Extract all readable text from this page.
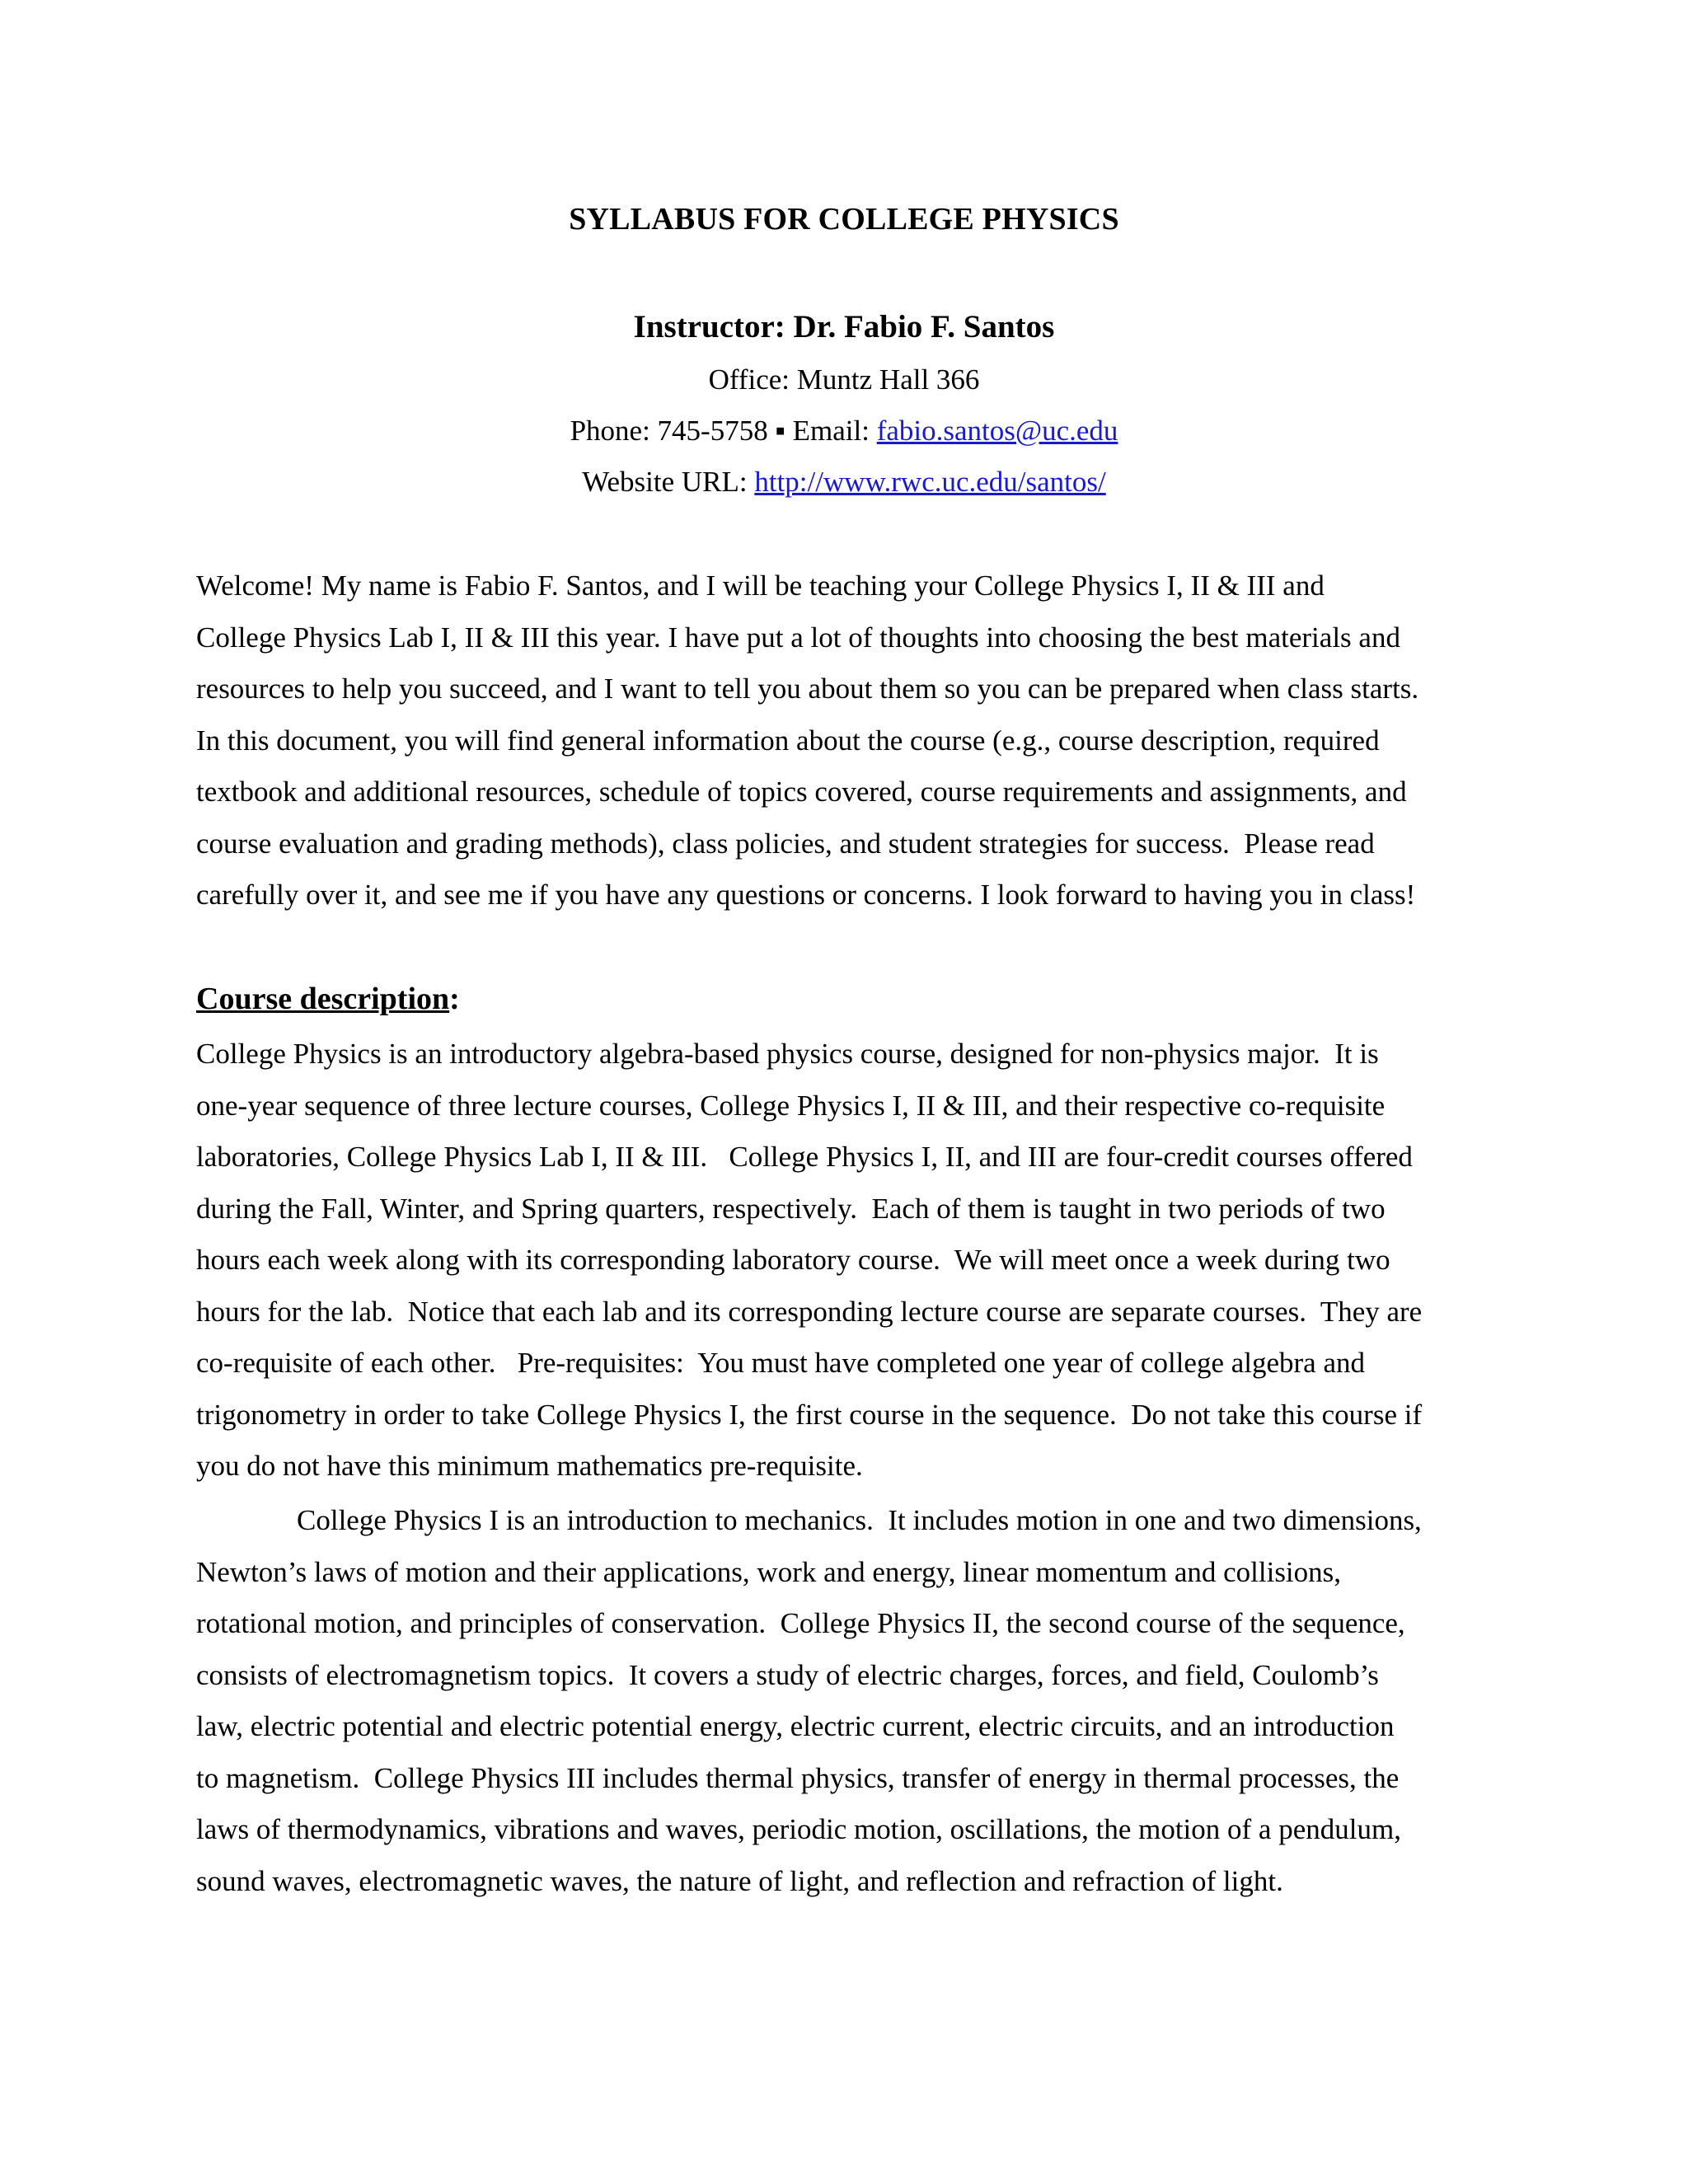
SYLLABUS FOR COLLEGE PHYSICS
Instructor: Dr. Fabio F. Santos
Office: Muntz Hall 366
Phone: 745-5758 ▪ Email: fabio.santos@uc.edu
Website URL: http://www.rwc.uc.edu/santos/
Welcome! My name is Fabio F. Santos, and I will be teaching your College Physics I, II & III and
College Physics Lab I, II & III this year. I have put a lot of thoughts into choosing the best materials and
resources to help you succeed, and I want to tell you about them so you can be prepared when class starts.
In this document, you will find general information about the course (e.g., course description, required
textbook and additional resources, schedule of topics covered, course requirements and assignments, and
course evaluation and grading methods), class policies, and student strategies for success.  Please read
carefully over it, and see me if you have any questions or concerns. I look forward to having you in class!
Course description:
College Physics is an introductory algebra-based physics course, designed for non-physics major.  It is
one-year sequence of three lecture courses, College Physics I, II & III, and their respective co-requisite
laboratories, College Physics Lab I, II & III.   College Physics I, II, and III are four-credit courses offered
during the Fall, Winter, and Spring quarters, respectively.  Each of them is taught in two periods of two
hours each week along with its corresponding laboratory course.  We will meet once a week during two
hours for the lab.  Notice that each lab and its corresponding lecture course are separate courses.  They are
co-requisite of each other.   Pre-requisites:  You must have completed one year of college algebra and
trigonometry in order to take College Physics I, the first course in the sequence.  Do not take this course if
you do not have this minimum mathematics pre-requisite.
College Physics I is an introduction to mechanics.  It includes motion in one and two dimensions,
Newton’s laws of motion and their applications, work and energy, linear momentum and collisions,
rotational motion, and principles of conservation.  College Physics II, the second course of the sequence,
consists of electromagnetism topics.  It covers a study of electric charges, forces, and field, Coulomb’s
law, electric potential and electric potential energy, electric current, electric circuits, and an introduction
to magnetism.  College Physics III includes thermal physics, transfer of energy in thermal processes, the
laws of thermodynamics, vibrations and waves, periodic motion, oscillations, the motion of a pendulum,
sound waves, electromagnetic waves, the nature of light, and reflection and refraction of light.
